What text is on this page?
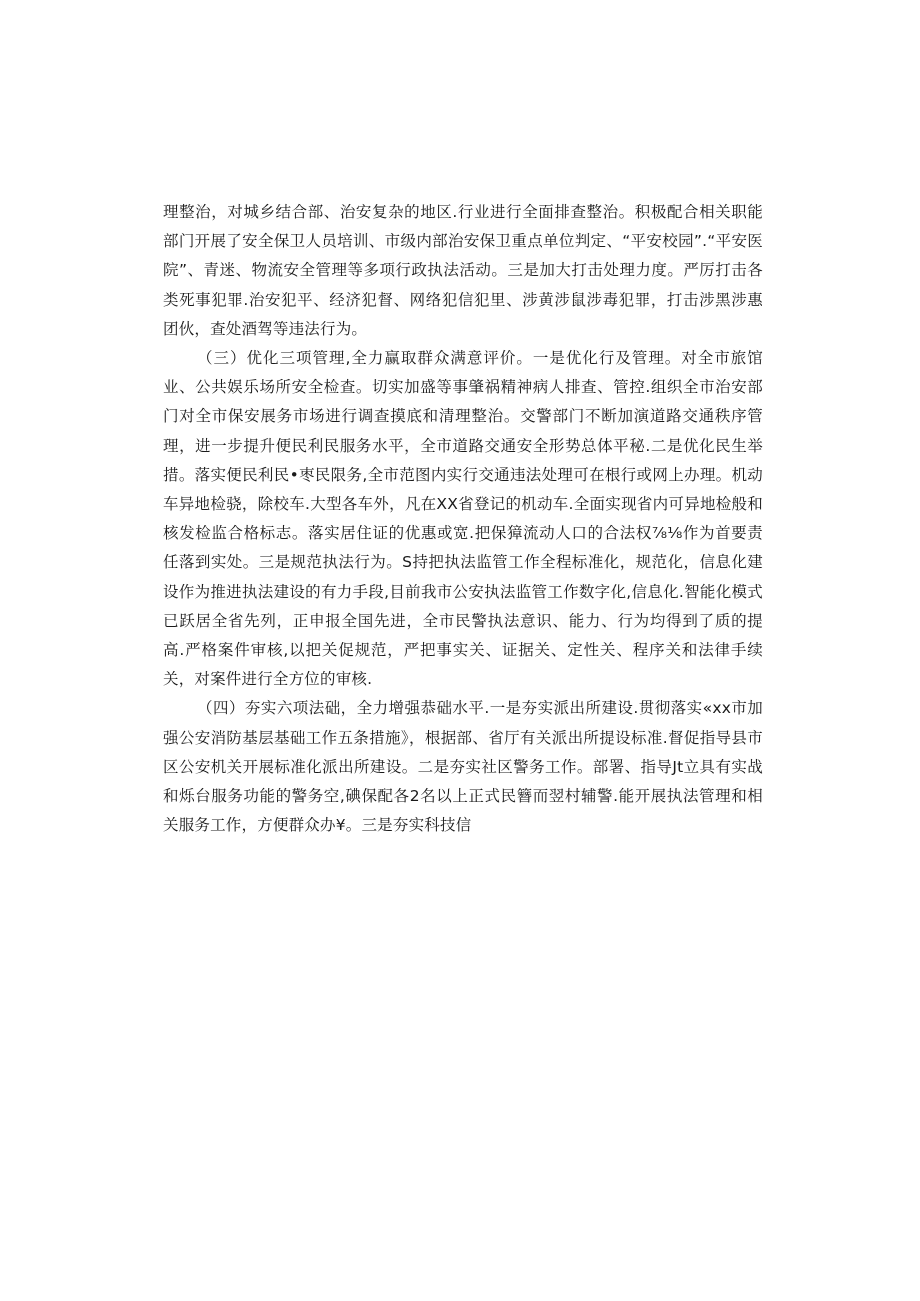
理整治，对城乡结合部、治安复杂的地区.行业进行全面排查整治。积极配合相关职能部门开展了安全保卫人员培训、市级内部治安保卫重点单位判定、“平安校园”.“平安医院”、青迷、物流安全管理等多项行政执法活动。三是加大打击处理力度。严厉打击各类死事犯罪.治安犯平、经济犯督、网络犯信犯里、涉黄涉鼠涉毒犯罪，打击涉黑涉惠团伙，查处酒驾等违法行为。

（三）优化三项管理,全力赢取群众满意评价。一是优化行及管理。对全市旅馆业、公共娱乐场所安全检查。切实加盛等事肇祸精神病人排查、管控.组织全市治安部门对全市保安展务市场进行调查摸底和清理整治。交警部门不断加演道路交通秩序管理，进一步提升便民利民服务水平，全市道路交通安全形势总体平秘.二是优化民生举措。落实便民利民•枣民限务,全市范图内实行交通违法处理可在根行或网上办理。机动车异地检骁，除校车.大型各车外，凡在XX省登记的机动车.全面实现省内可异地检般和核发检监合格标志。落实居住证的优惠或宽.把保獐流动人口的合法权⅞⅛作为首要责任落到实处。三是规范执法行为。S持把执法监管工作全程标准化，规范化，信息化建设作为推进执法建设的有力手段,目前我市公安执法监管工作数字化,信息化.智能化模式已跃居全省先列，正申报全国先进，全市民警执法意识、能力、行为均得到了质的提高.严格案件审核,以把关促规范，严把事实关、证据关、定性关、程序关和法律手续关，对案件进行全方位的审核.

（四）夯实六项法础，全力增强恭础水平.一是夯实派出所建设.贯彻落实«xx市加强公安消防基层基础工作五条措施》，根据部、省厅有关派出所提设标准.督促指导县市区公安机关开展标准化派出所建设。二是夯实社区警务工作。部署、指导Jt立具有实战和烁台服务功能的警务空,碘保配各2名以上正式民簪而翌村辅警.能开展执法管理和相关服务工作，方便群众办¥。三是夯实科技信
